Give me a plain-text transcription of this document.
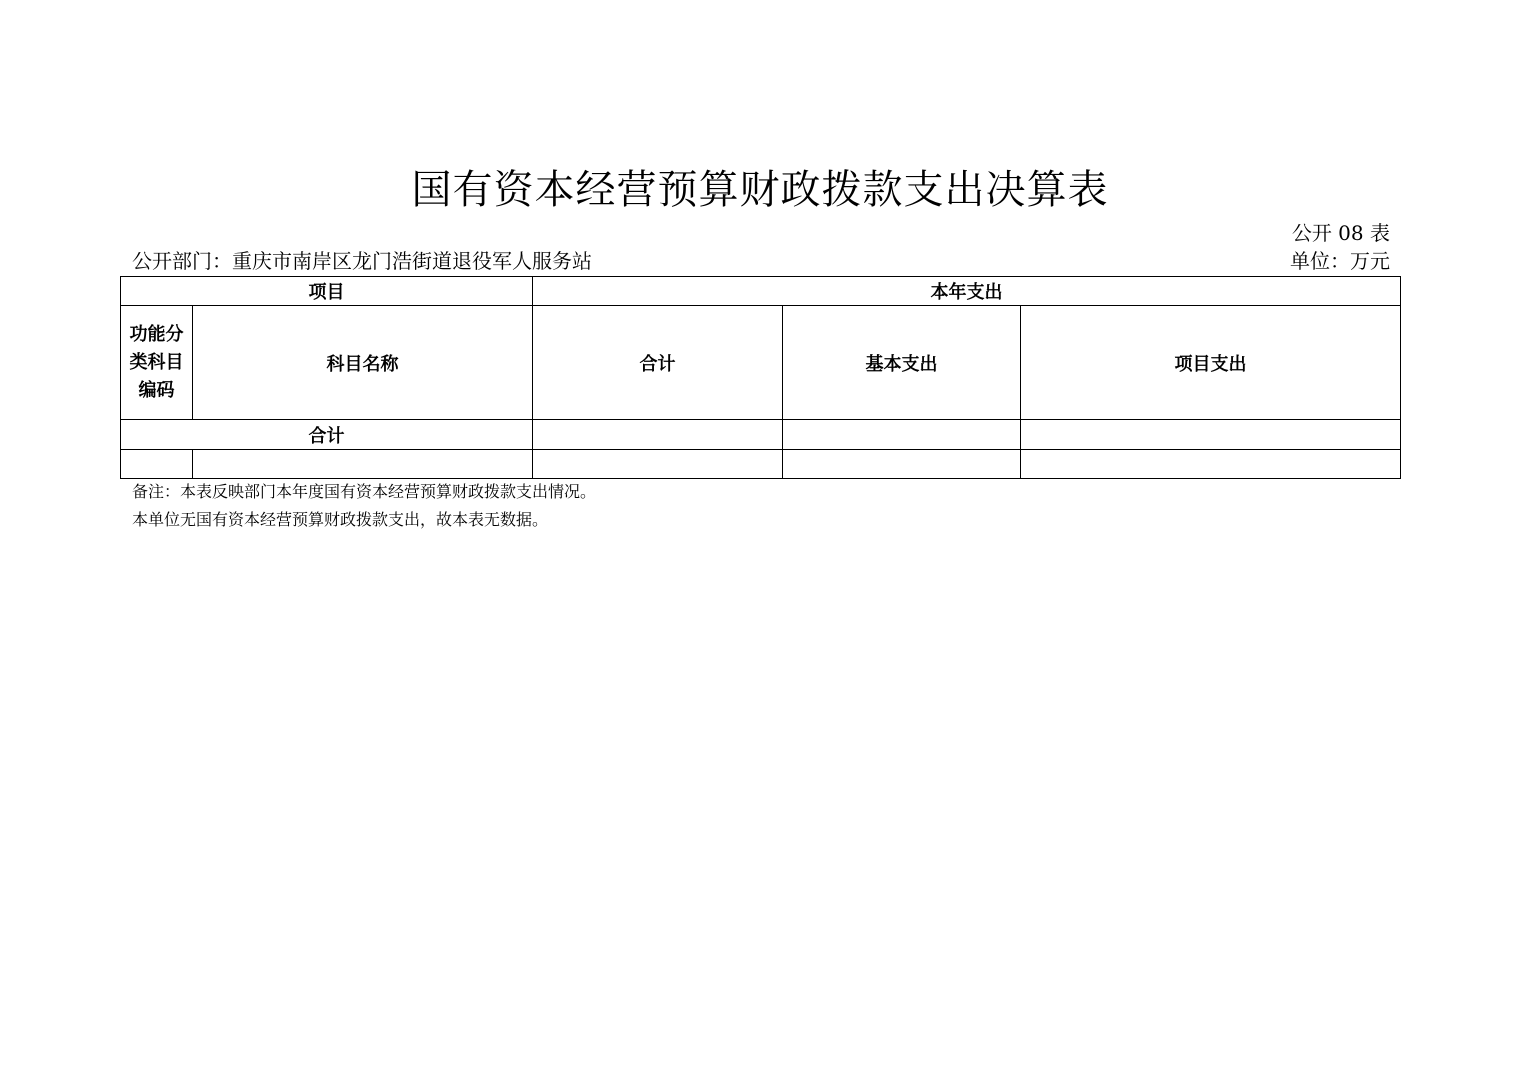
国有资本经营预算财政拨款支出决算表
公开 08 表
公开部门：重庆市南岸区龙门浩街道退役军人服务站	单位：万元
项目		本年支出		
功能分类科目编码	科目名称	合计	基本支出	项目支出
合计				

备注：本表反映部门本年度国有资本经营预算财政拨款支出情况。
本单位无国有资本经营预算财政拨款支出，故本表无数据。
